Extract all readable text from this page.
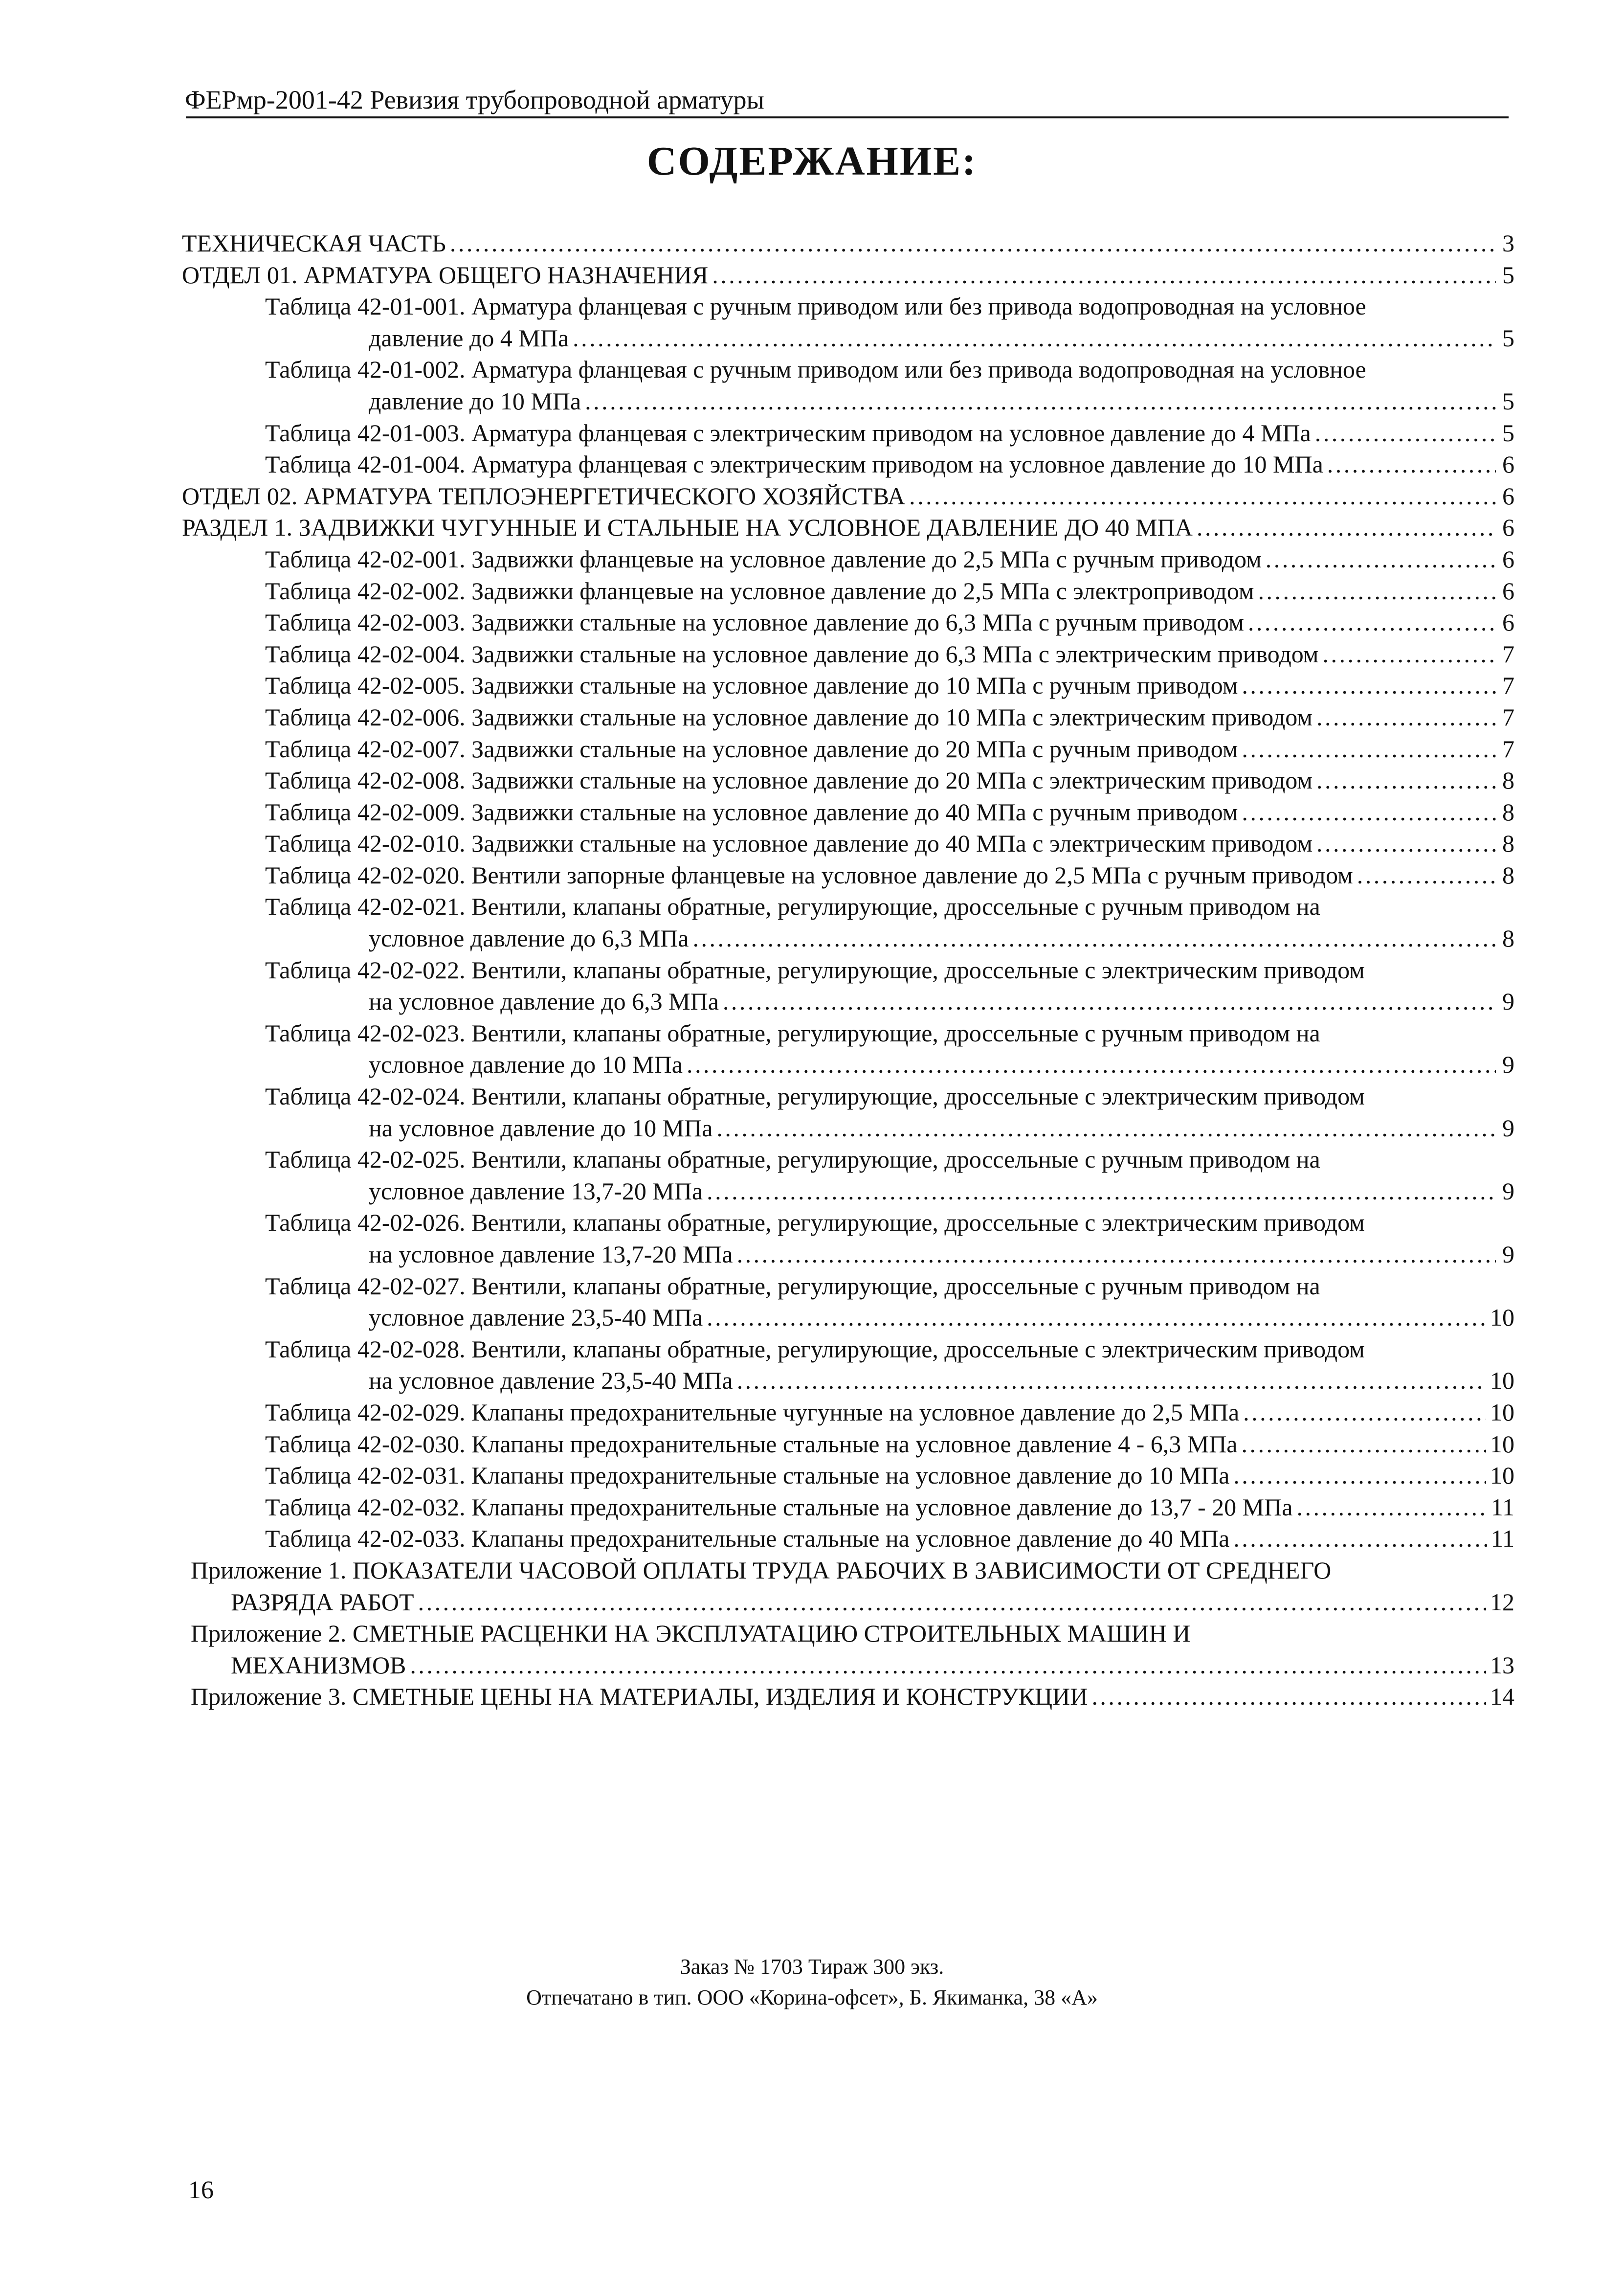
ФЕРмр-2001-42 Ревизия трубопроводной арматуры
СОДЕРЖАНИЕ:
ТЕХНИЧЕСКАЯ ЧАСТЬ . . .	3
ОТДЕЛ 01. АРМАТУРА ОБЩЕГО НАЗНАЧЕНИЯ . . .	5
Таблица 42-01-001. Арматура фланцевая с ручным приводом или без привода водопроводная на условное
давление до 4 МПа . . .	5
Таблица 42-01-002. Арматура фланцевая с ручным приводом или без привода водопроводная на условное
давление до 10 МПа . . .	5
Таблица 42-01-003. Арматура фланцевая с электрическим приводом на условное давление до 4 МПа . . .	5
Таблица 42-01-004. Арматура фланцевая с электрическим приводом на условное давление до 10 МПа . . .	6
ОТДЕЛ 02. АРМАТУРА ТЕПЛОЭНЕРГЕТИЧЕСКОГО ХОЗЯЙСТВА . . .	6
РАЗДЕЛ 1. ЗАДВИЖКИ ЧУГУННЫЕ И СТАЛЬНЫЕ НА УСЛОВНОЕ ДАВЛЕНИЕ ДО 40 МПА . . .	6
Таблица 42-02-001. Задвижки фланцевые на условное давление до 2,5 МПа с ручным приводом . . .	6
Таблица 42-02-002. Задвижки фланцевые на условное давление до 2,5 МПа с электроприводом . . .	6
Таблица 42-02-003. Задвижки стальные на условное давление до 6,3 МПа с ручным приводом . . .	6
Таблица 42-02-004. Задвижки стальные на условное давление до 6,3 МПа с электрическим приводом . . .	7
Таблица 42-02-005. Задвижки стальные на условное давление до 10 МПа с ручным приводом . . .	7
Таблица 42-02-006. Задвижки стальные на условное давление до 10 МПа с электрическим приводом . . .	7
Таблица 42-02-007. Задвижки стальные на условное давление до 20 МПа с ручным приводом . . .	7
Таблица 42-02-008. Задвижки стальные на условное давление до 20 МПа с электрическим приводом . . .	8
Таблица 42-02-009. Задвижки стальные на условное давление до 40 МПа с ручным приводом . . .	8
Таблица 42-02-010. Задвижки стальные на условное давление до 40 МПа с электрическим приводом . . .	8
Таблица 42-02-020. Вентили запорные фланцевые на условное давление до 2,5 МПа с ручным приводом . . .	8
Таблица 42-02-021. Вентили, клапаны обратные, регулирующие, дроссельные с ручным приводом на
условное давление до 6,3 МПа . . .	8
Таблица 42-02-022. Вентили, клапаны обратные, регулирующие, дроссельные с электрическим приводом
на условное давление до 6,3 МПа . . .	9
Таблица 42-02-023. Вентили, клапаны обратные, регулирующие, дроссельные с ручным приводом на
условное давление до 10 МПа . . .	9
Таблица 42-02-024. Вентили, клапаны обратные, регулирующие, дроссельные с электрическим приводом
на условное давление до 10 МПа . . .	9
Таблица 42-02-025. Вентили, клапаны обратные, регулирующие, дроссельные с ручным приводом на
условное давление 13,7-20 МПа . . .	9
Таблица 42-02-026. Вентили, клапаны обратные, регулирующие, дроссельные с электрическим приводом
на условное давление 13,7-20 МПа . . .	9
Таблица 42-02-027. Вентили, клапаны обратные, регулирующие, дроссельные с ручным приводом на
условное давление 23,5-40 МПа . . .	10
Таблица 42-02-028. Вентили, клапаны обратные, регулирующие, дроссельные с электрическим приводом
на условное давление 23,5-40 МПа . . .	10
Таблица 42-02-029. Клапаны предохранительные чугунные на условное давление до 2,5 МПа . . .	10
Таблица 42-02-030. Клапаны предохранительные стальные на условное давление 4 - 6,3 МПа . . .	10
Таблица 42-02-031. Клапаны предохранительные стальные на условное давление до 10 МПа . . .	10
Таблица 42-02-032. Клапаны предохранительные стальные на условное давление до 13,7 - 20 МПа . . .	11
Таблица 42-02-033. Клапаны предохранительные стальные на условное давление до 40 МПа . . .	11
Приложение 1. ПОКАЗАТЕЛИ ЧАСОВОЙ ОПЛАТЫ ТРУДА РАБОЧИХ В ЗАВИСИМОСТИ ОТ СРЕДНЕГО
РАЗРЯДА РАБОТ . . .	12
Приложение 2. СМЕТНЫЕ РАСЦЕНКИ НА ЭКСПЛУАТАЦИЮ СТРОИТЕЛЬНЫХ МАШИН И
МЕХАНИЗМОВ . . .	13
Приложение 3. СМЕТНЫЕ ЦЕНЫ НА МАТЕРИАЛЫ, ИЗДЕЛИЯ И КОНСТРУКЦИИ . . .	14
Заказ № 1703 Тираж 300 экз.
Отпечатано в тип. ООО «Корина-офсет», Б. Якиманка, 38 «А»
16
